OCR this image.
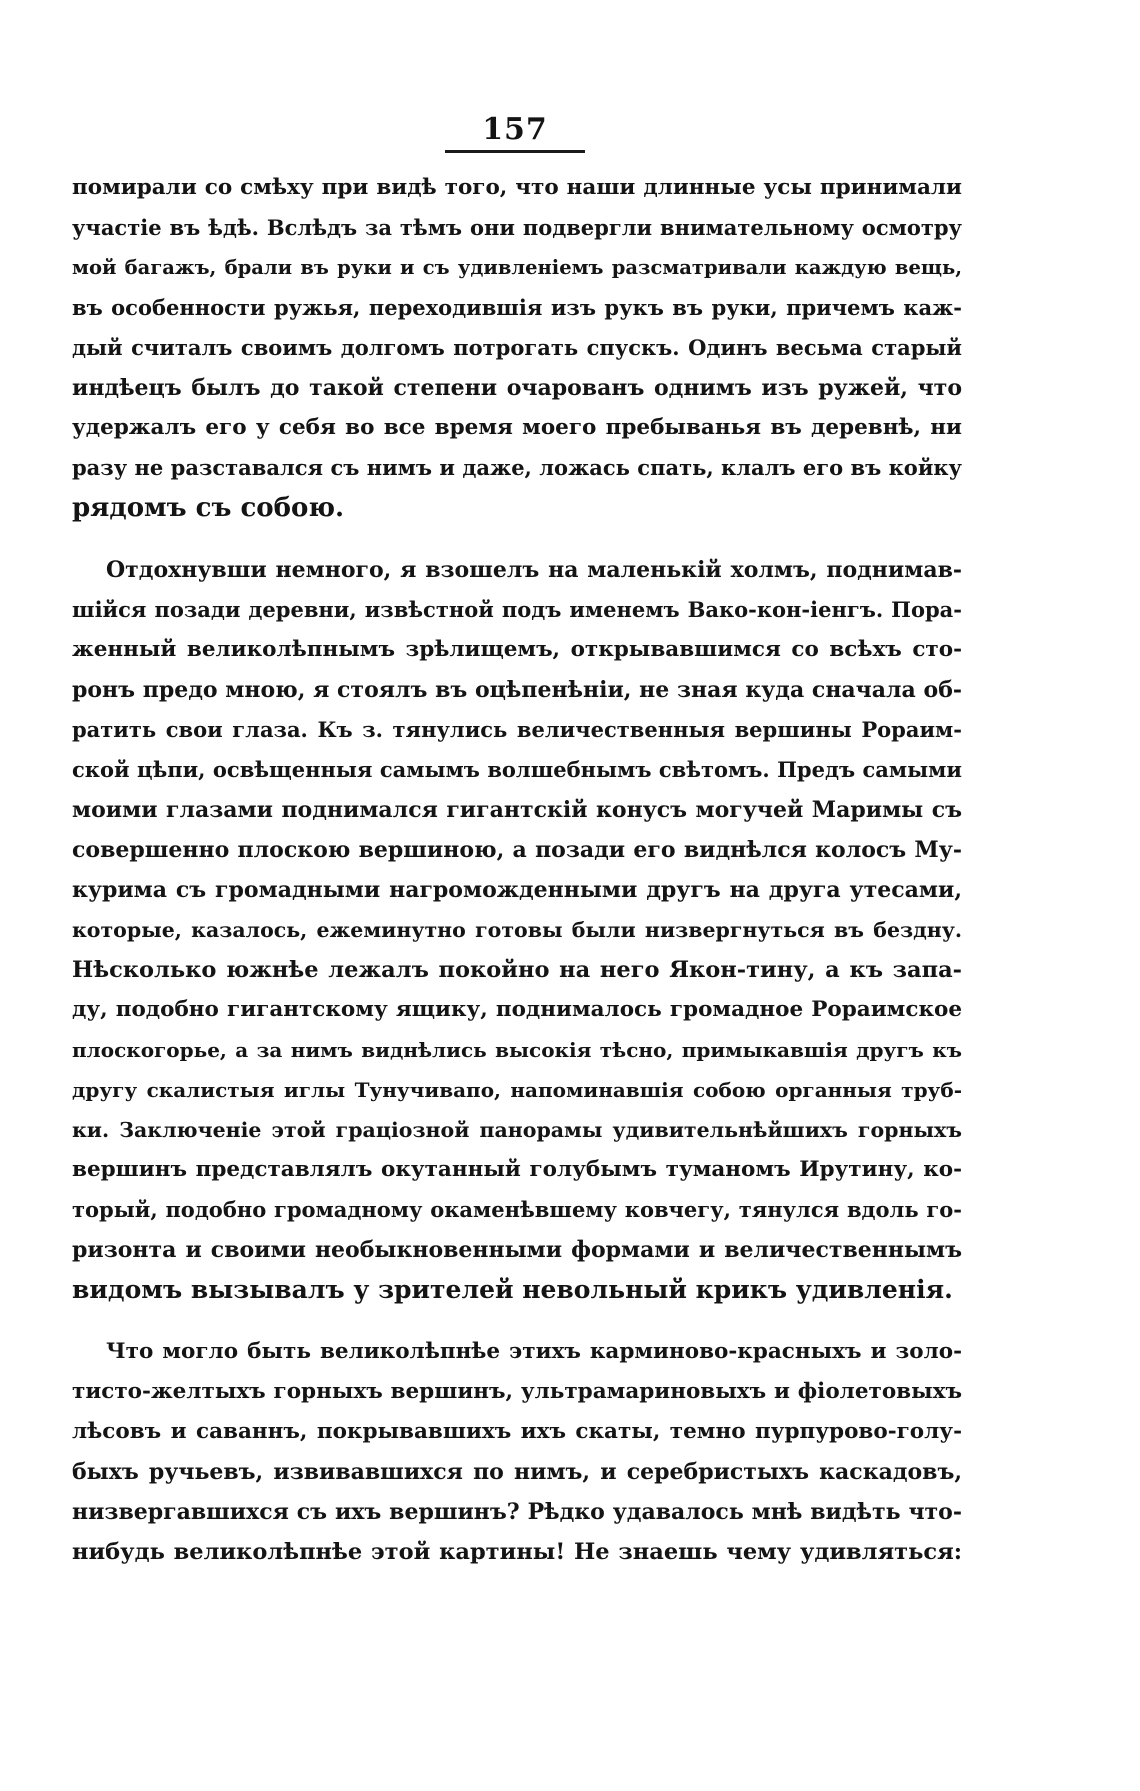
157
помирали со смѣху при видѣ того, что наши длинные усы принимали
участіе въ ѣдѣ. Вслѣдъ за тѣмъ они подвергли внимательному осмотру
мой багажъ, брали въ руки и съ удивленіемъ разсматривали каждую вещь,
въ особенности ружья, переходившія изъ рукъ въ руки, причемъ каж-
дый считалъ своимъ долгомъ потрогать спускъ. Одинъ весьма старый
индѣецъ былъ до такой степени очарованъ однимъ изъ ружей, что
удержалъ его у себя во все время моего пребыванья въ деревнѣ, ни
разу не разставался съ нимъ и даже, ложась спать, клалъ его въ койку
рядомъ съ собою.
Отдохнувши немного, я взошелъ на маленькій холмъ, поднимав-
шійся позади деревни, извѣстной подъ именемъ Вако-кон-іенгъ. Пора-
женный великолѣпнымъ зрѣлищемъ, открывавшимся со всѣхъ сто-
ронъ предо мною, я стоялъ въ оцѣпенѣніи, не зная куда сначала об-
ратить свои глаза. Къ з. тянулись величественныя вершины Рораим-
ской цѣпи, освѣщенныя самымъ волшебнымъ свѣтомъ. Предъ самыми
моими глазами поднимался гигантскій конусъ могучей Маримы съ
совершенно плоскою вершиною, а позади его виднѣлся колосъ Му-
курима съ громадными нагроможденными другъ на друга утесами,
которые, казалось, ежеминутно готовы были низвергнуться въ бездну.
Нѣсколько южнѣе лежалъ покойно на него Якон-тину, а къ запа-
ду, подобно гигантскому ящику, поднималось громадное Рораимское
плоскогорье, а за нимъ виднѣлись высокія тѣсно, примыкавшія другъ къ
другу скалистыя иглы Тунучивапо, напоминавшія собою органныя труб-
ки. Заключеніе этой граціозной панорамы удивительнѣйшихъ горныхъ
вершинъ представлялъ окутанный голубымъ туманомъ Ирутину, ко-
торый, подобно громадному окаменѣвшему ковчегу, тянулся вдоль го-
ризонта и своими необыкновенными формами и величественнымъ
видомъ вызывалъ у зрителей невольный крикъ удивленія.
Что могло быть великолѣпнѣе этихъ карминово-красныхъ и золо-
тисто-желтыхъ горныхъ вершинъ, ультрамариновыхъ и фіолетовыхъ
лѣсовъ и саваннъ, покрывавшихъ ихъ скаты, темно пурпурово-голу-
быхъ ручьевъ, извивавшихся по нимъ, и серебристыхъ каскадовъ,
низвергавшихся съ ихъ вершинъ? Рѣдко удавалось мнѣ видѣть что-
нибудь великолѣпнѣе этой картины! Не знаешь чему удивляться:
